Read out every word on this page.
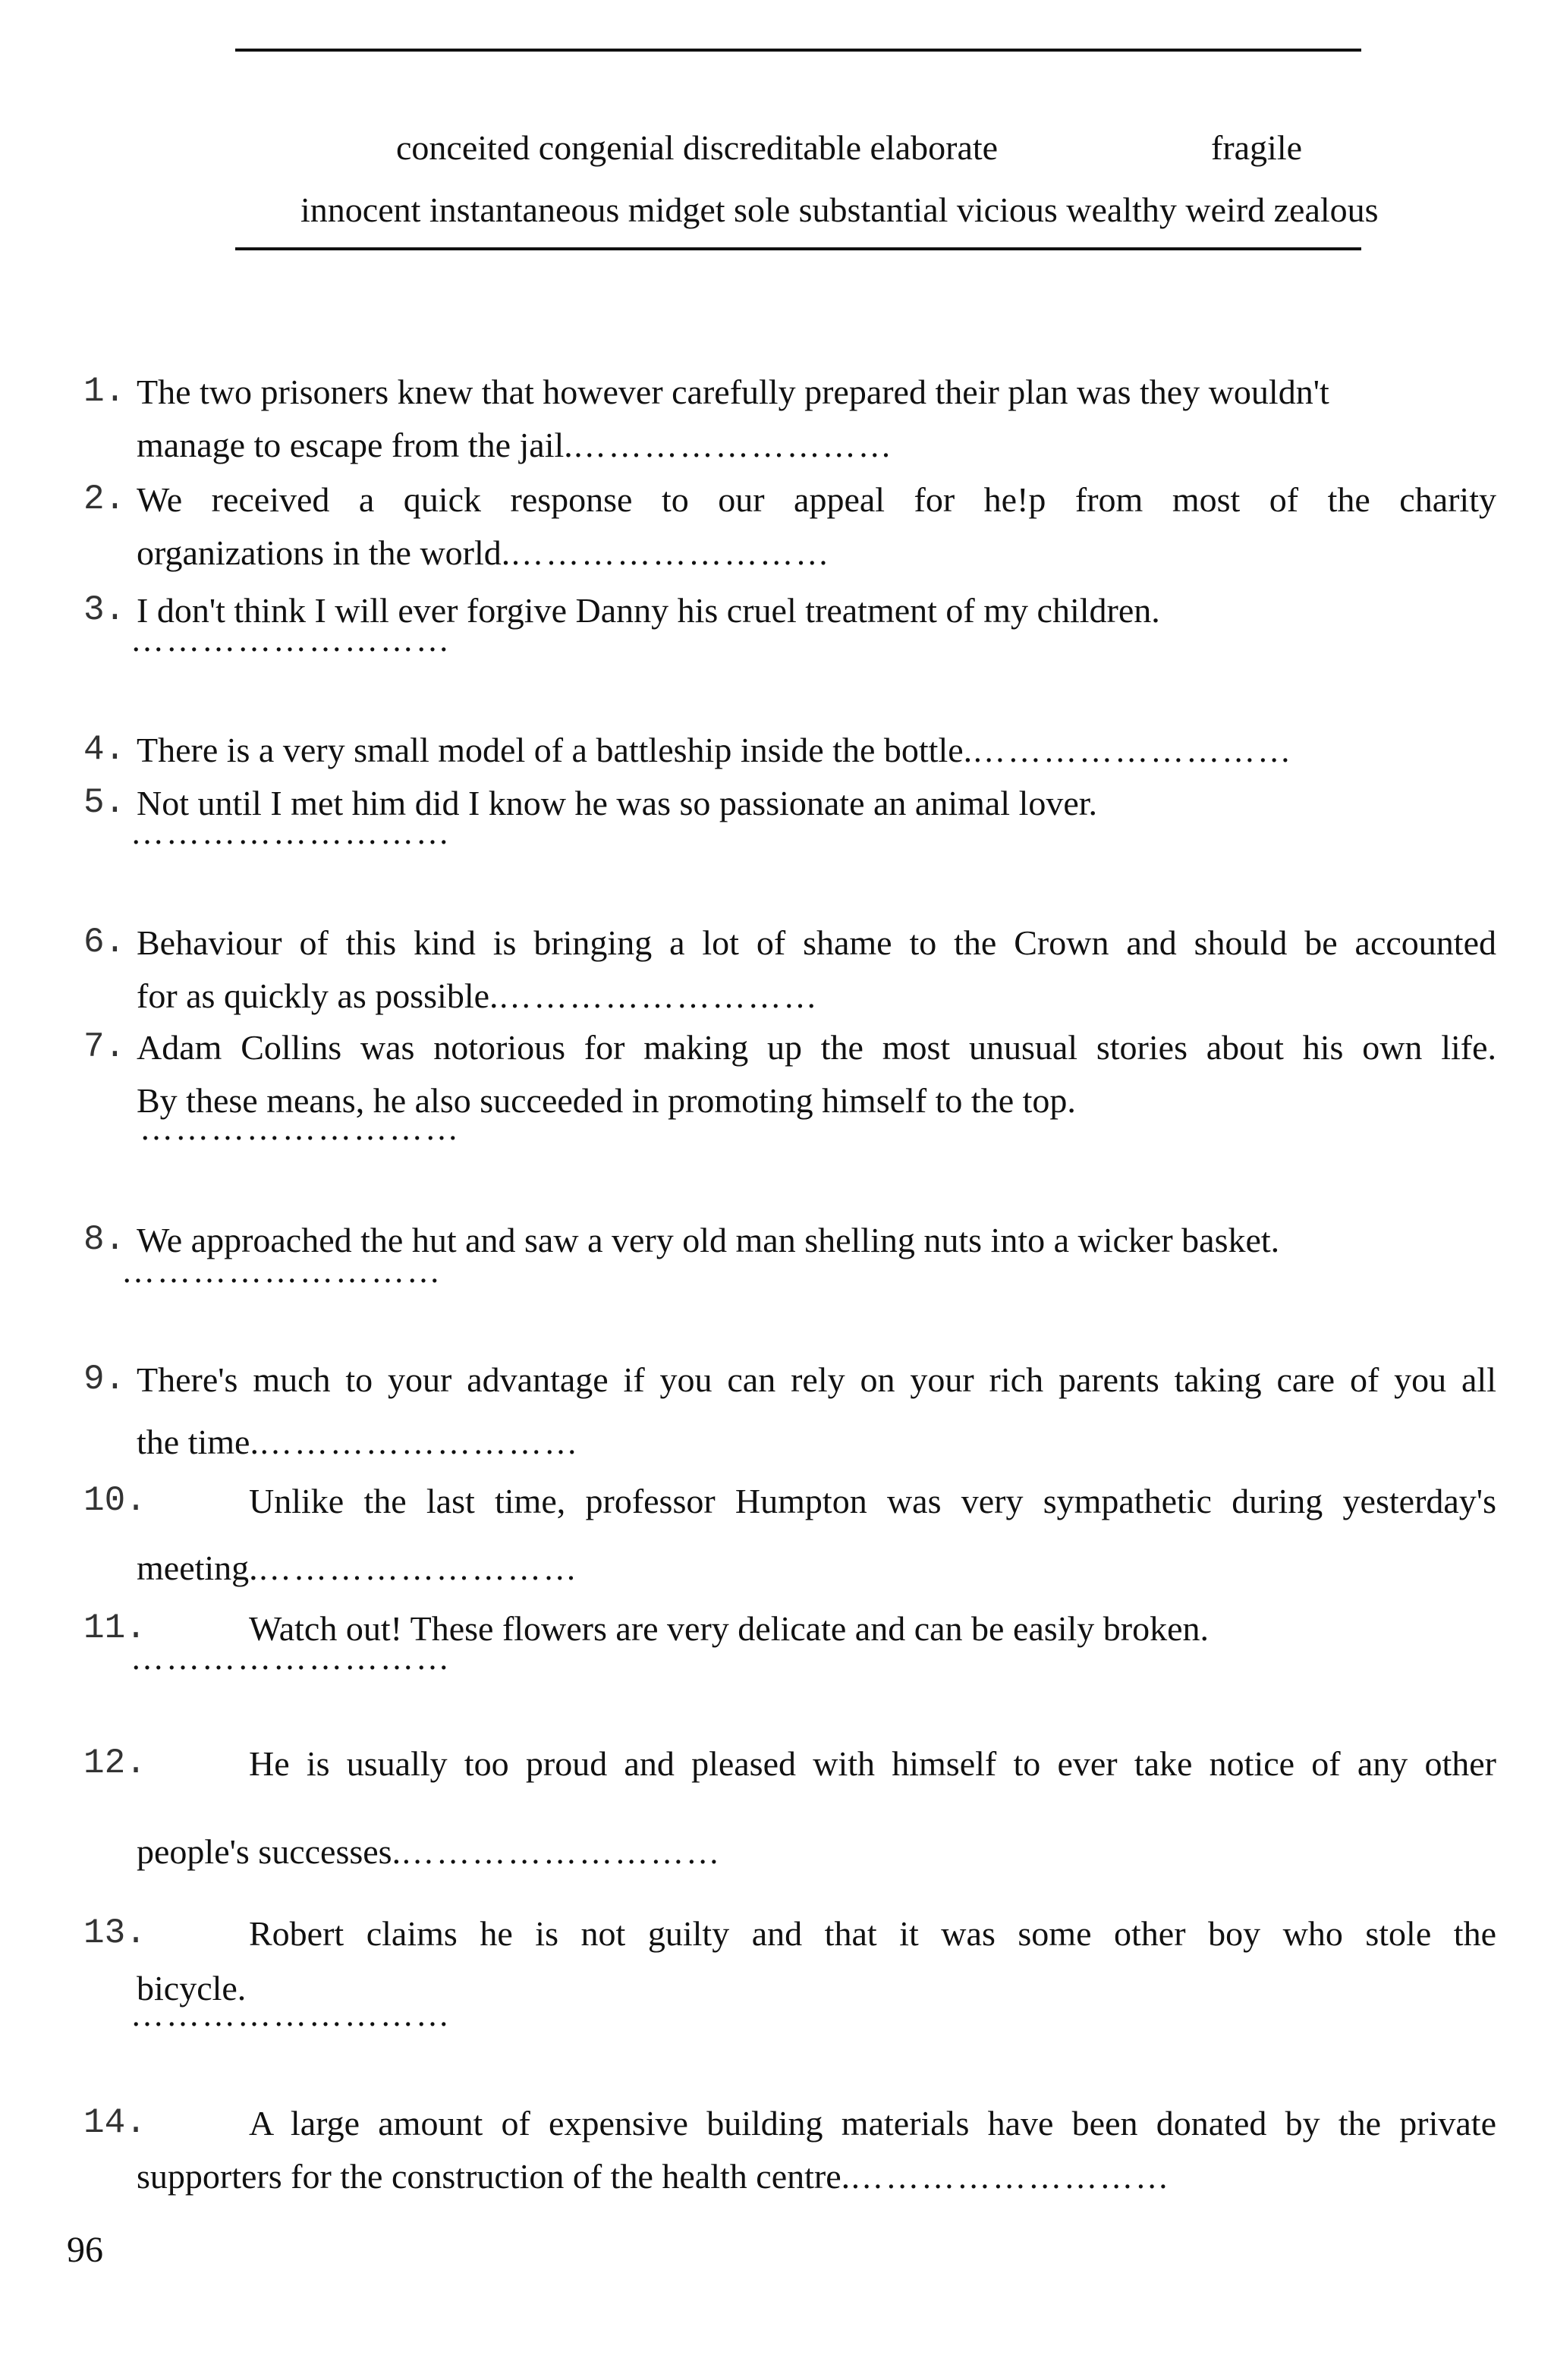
conceited congenial discreditable elaborate	fragile
innocent instantaneous midget sole substantial vicious wealthy weird zealous
1. The two prisoners knew that however carefully prepared their plan was they wouldn't
manage to escape from the jail.………………………
2. We received a quick response to our appeal for he!p from most of the charity
organizations in the world.………………………
3. I don't think I will ever forgive Danny his cruel treatment of my children.
………………………
4. There is a very small model of a battleship inside the bottle.………………………
5. Not until I met him did I know he was so passionate an animal lover.
………………………
6. Behaviour of this kind is bringing a lot of shame to the Crown and should be accounted
for as quickly as possible.………………………
7. Adam Collins was notorious for making up the most unusual stories about his own life.
By these means, he also succeeded in promoting himself to the top.
………………………
8. We approached the hut and saw a very old man shelling nuts into a wicker basket.
………………………
9. There's much to your advantage if you can rely on your rich parents taking care of you all
the time.………………………
10.	Unlike the last time, professor Humpton was very sympathetic during yesterday's
meeting.………………………
11.	Watch out! These flowers are very delicate and can be easily broken.
………………………
12.	He is usually too proud and pleased with himself to ever take notice of any other
people's successes.………………………
13.	Robert claims he is not guilty and that it was some other boy who stole the
bicycle.
………………………
14.	A large amount of expensive building materials have been donated by the private
supporters for the construction of the health centre.………………………
96
